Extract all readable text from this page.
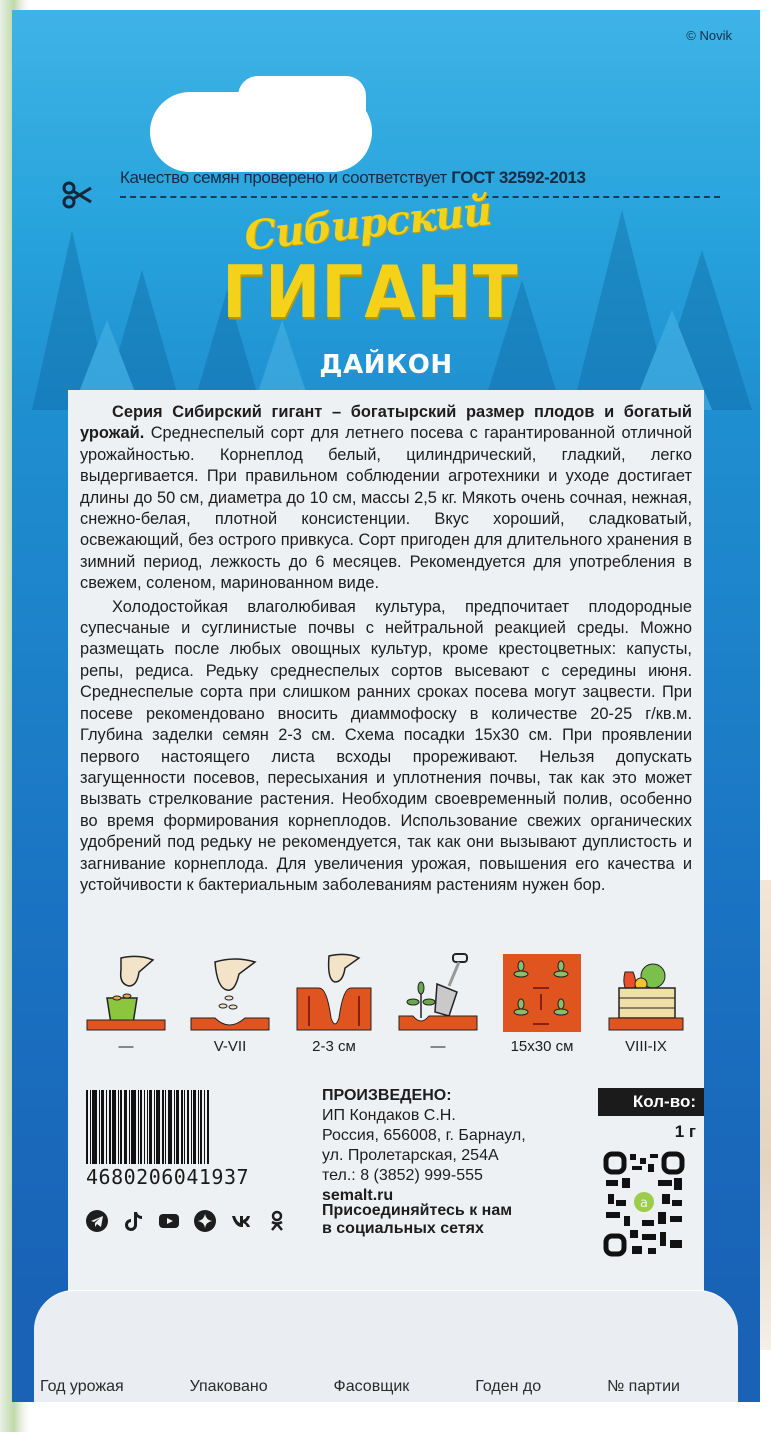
© Novik
Качество семян проверено и соответствует ГОСТ 32592-2013
Сибирский
ГИГАНТ
ДАЙКОН

Серия Сибирский гигант – богатырский размер плодов и богатый урожай. Среднеспелый сорт для летнего посева с гарантированной отличной урожайностью. Корнеплод белый, цилиндрический, гладкий, легко выдергивается. При правильном соблюдении агротехники и уходе достигает длины до 50 см, диаметра до 10 см, массы 2,5 кг. Мякоть очень сочная, нежная, снежно-белая, плотной консистенции. Вкус хороший, сладковатый, освежающий, без острого привкуса. Сорт пригоден для длительного хранения в зимний период, лежкость до 6 месяцев. Рекомендуется для употребления в свежем, соленом, маринованном виде.

Холодостойкая влаголюбивая культура, предпочитает плодородные супесчаные и суглинистые почвы с нейтральной реакцией среды. Можно размещать после любых овощных культур, кроме крестоцветных: капусты, репы, редиса. Редьку среднеспелых сортов высевают с середины июня. Среднеспелые сорта при слишком ранних сроках посева могут зацвести. При посеве рекомендовано вносить диаммофоску в количестве 20-25 г/кв.м. Глубина заделки семян 2-3 см. Схема посадки 15x30 см. При проявлении первого настоящего листа всходы прореживают. Нельзя допускать загущенности посевов, пересыхания и уплотнения почвы, так как это может вызвать стрелкование растения. Необходим своевременный полив, особенно во время формирования корнеплодов. Использование свежих органических удобрений под редьку не рекомендуется, так как они вызывают дуплистость и загнивание корнеплода. Для увеличения урожая, повышения его качества и устойчивости к бактериальным заболеваниям растениям нужен бор.

—	V-VII	2-3 см	—	15x30 см	VIII-IX
4680206041937
ПРОИЗВЕДЕНО:
ИП Кондаков С.Н.
Россия, 656008, г. Барнаул,
ул. Пролетарская, 254А
тел.: 8 (3852) 999-555
semalt.ru
Присоединяйтесь к нам
в социальных сетях
Кол-во:
1 г
a
Год урожая	Упаковано	Фасовщик	Годен до	№ партии
